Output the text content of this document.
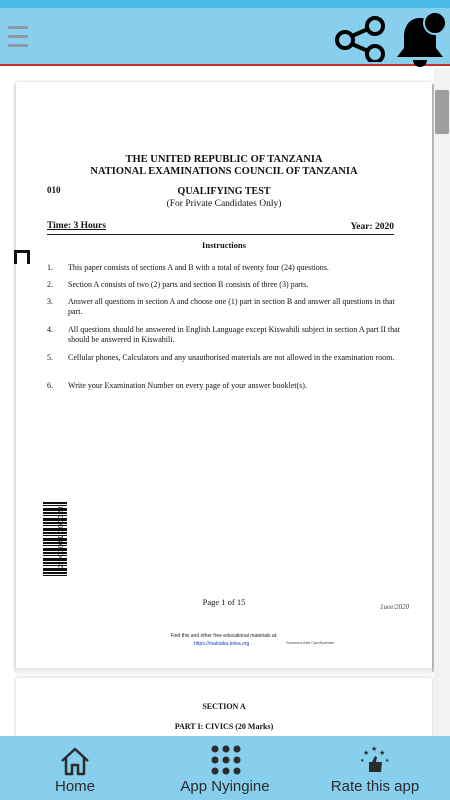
THE UNITED REPUBLIC OF TANZANIA
NATIONAL EXAMINATIONS COUNCIL OF TANZANIA
010	QUALIFYING TEST
(For Private Candidates Only)
Time: 3 Hours	Year: 2020
Instructions
1. This paper consists of sections A and B with a total of twenty four (24) questions.
2. Section A consists of two (2) parts and section B consists of three (3) parts.
3. Answer all questions in section A and choose one (1) part in section B and answer all questions in that part.
4. All questions should be answered in English Language except Kiswahili subject in section A part II that should be answered in Kiswahili.
5. Cellular phones, Calculators and any unauthorised materials are not allowed in the examination room.
6. Write your Examination Number on every page of your answer booklet(s).
2 001041 100023
Page 1 of 15	1uee/2020
Find this and other free educational materials at:
https://maktaba.tetea.org	Scanned with CamScanner
SECTION A
PART I: CIVICS (20 Marks)
Home	App Nyingine
★ ★ ★
★	★
Rate this app
